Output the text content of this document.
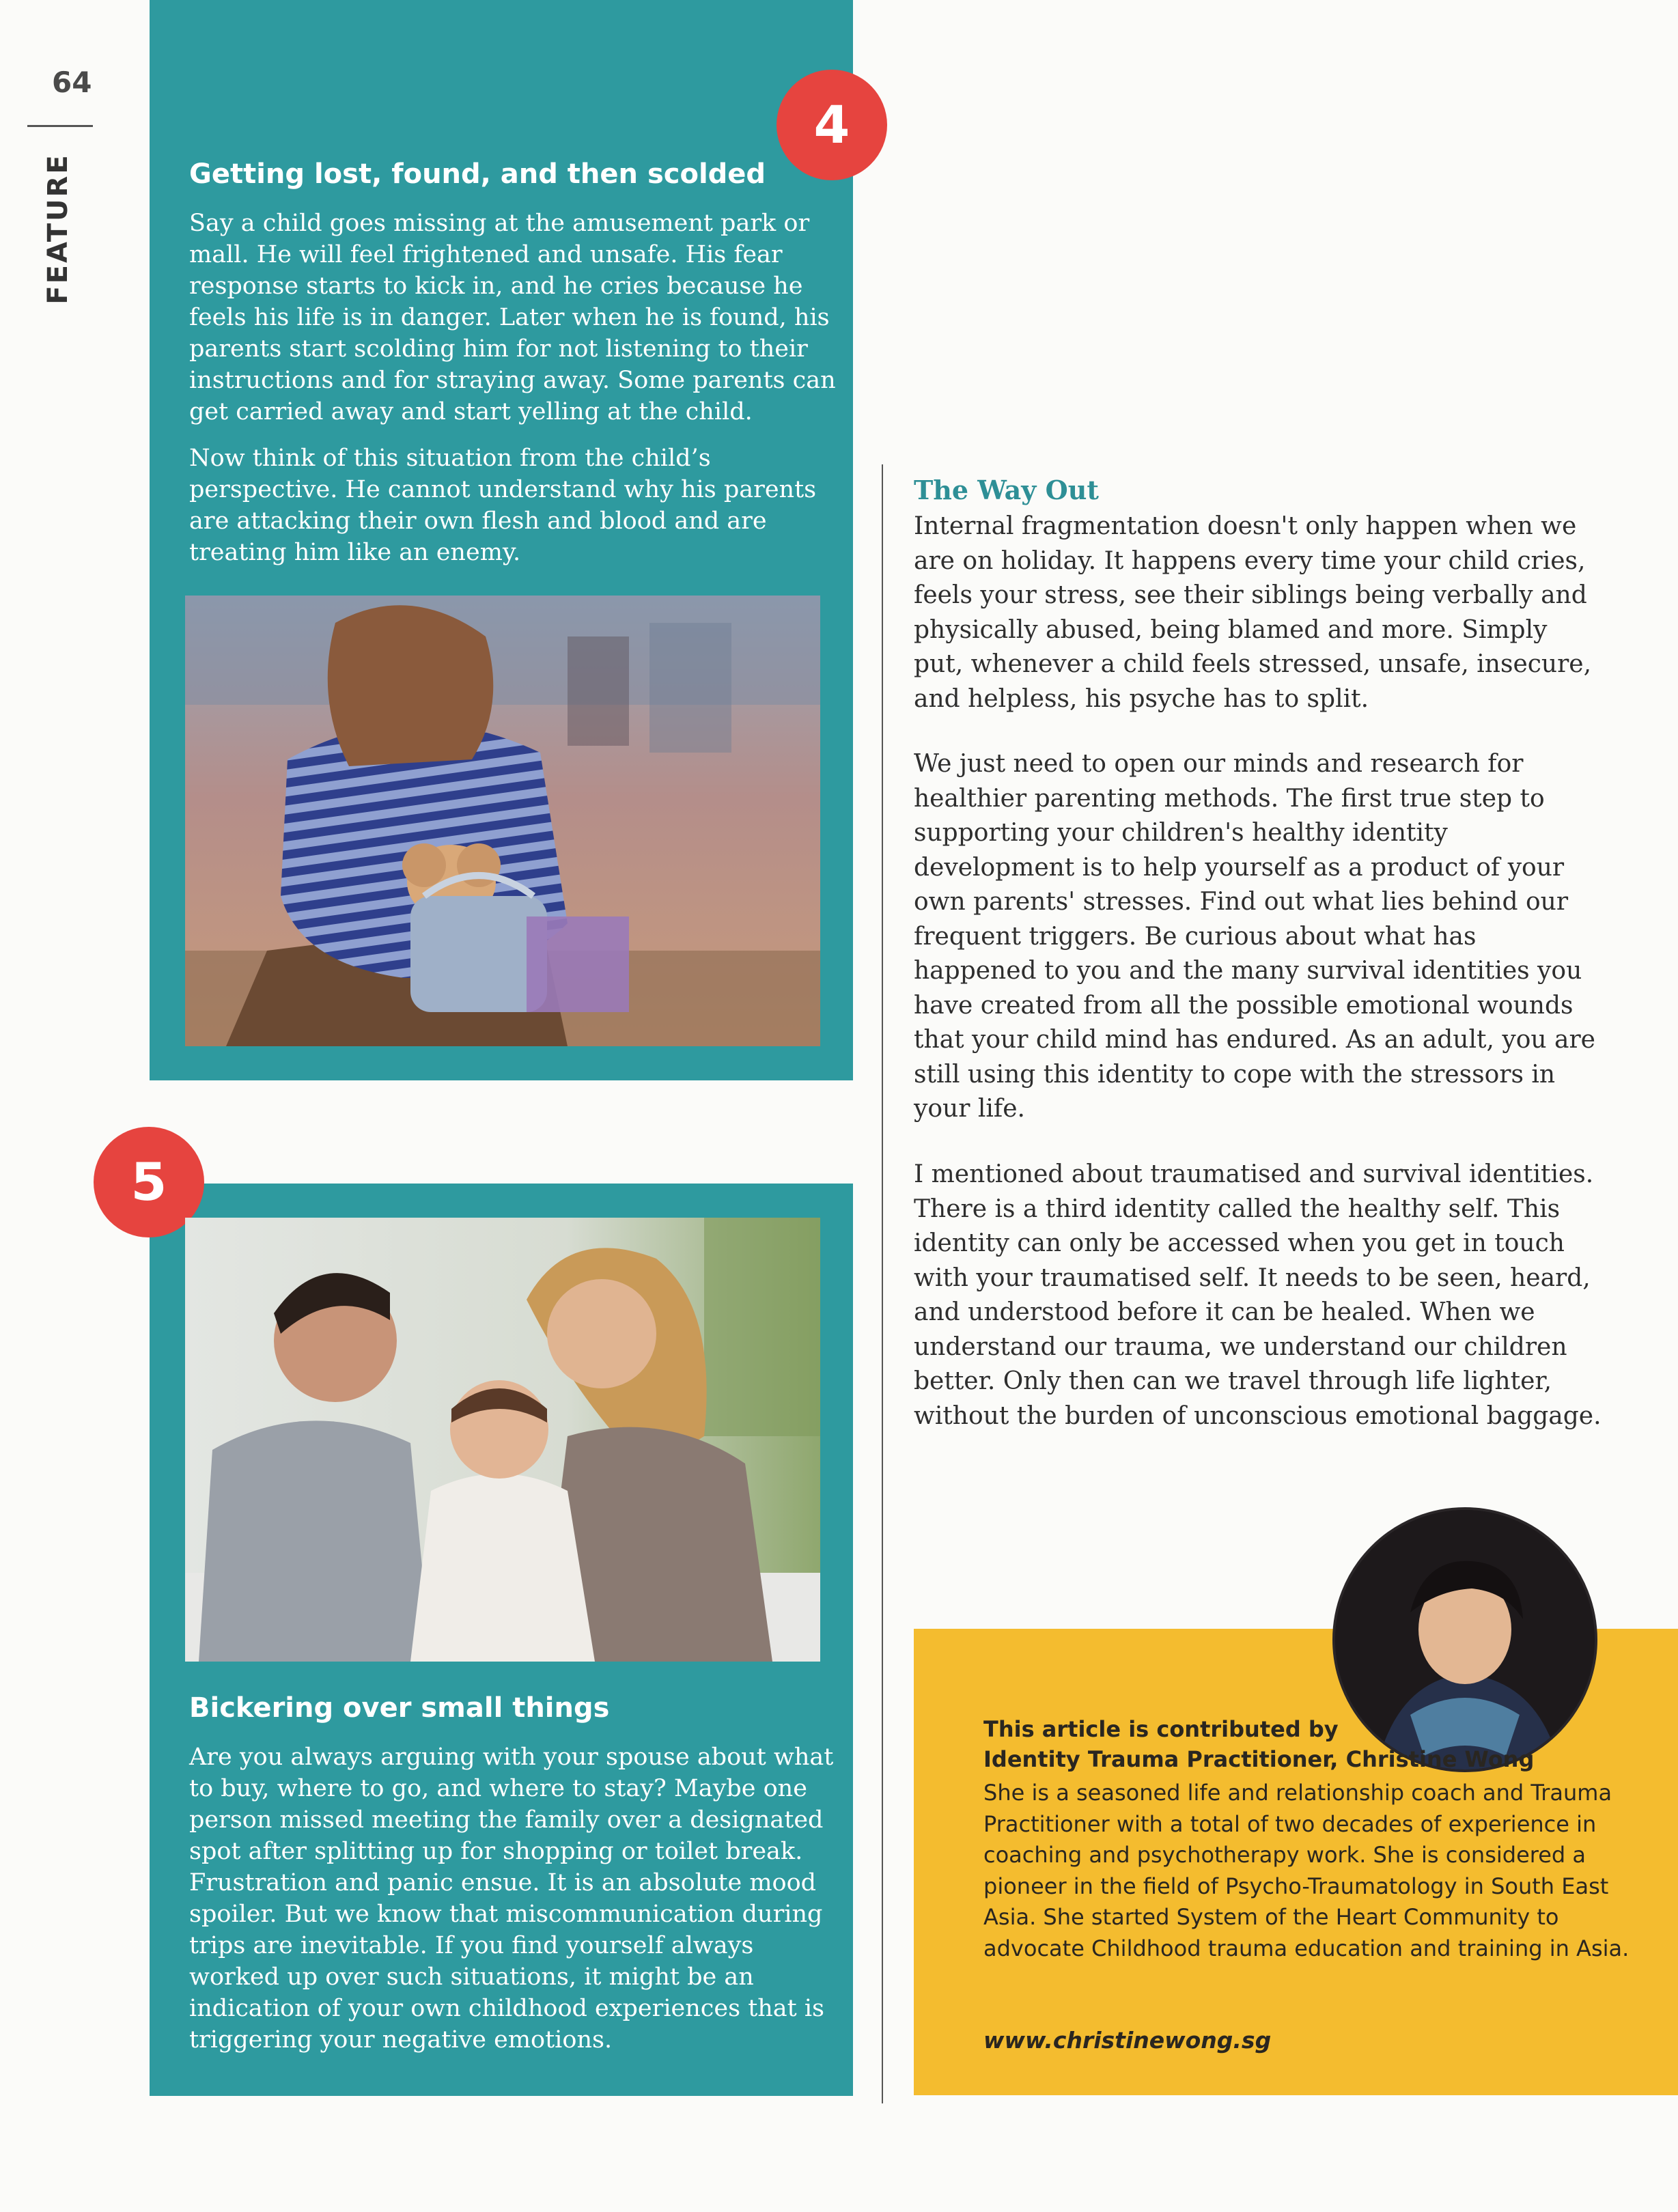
64
FEATURE
4
Getting lost, found, and then scolded

Say a child goes missing at the amusement park or mall. He will feel frightened and unsafe. His fear response starts to kick in, and he cries because he feels his life is in danger. Later when he is found, his parents start scolding him for not listening to their instructions and for straying away. Some parents can get carried away and start yelling at the child.

Now think of this situation from the child’s perspective. He cannot understand why his parents are attacking their own flesh and blood and are treating him like an enemy.

5
Bickering over small things

Are you always arguing with your spouse about what to buy, where to go, and where to stay? Maybe one person missed meeting the family over a designated spot after splitting up for shopping or toilet break. Frustration and panic ensue. It is an absolute mood spoiler. But we know that miscommunication during trips are inevitable. If you find yourself always worked up over such situations, it might be an indication of your own childhood experiences that is triggering your negative emotions.

The Way Out

Internal fragmentation doesn't only happen when we are on holiday. It happens every time your child cries, feels your stress, see their siblings being verbally and physically abused, being blamed and more. Simply put, whenever a child feels stressed, unsafe, insecure, and helpless, his psyche has to split.

We just need to open our minds and research for healthier parenting methods. The first true step to supporting your children's healthy identity development is to help yourself as a product of your own parents' stresses. Find out what lies behind our frequent triggers. Be curious about what has happened to you and the many survival identities you have created from all the possible emotional wounds that your child mind has endured. As an adult, you are still using this identity to cope with the stressors in your life.

I mentioned about traumatised and survival identities. There is a third identity called the healthy self. This identity can only be accessed when you get in touch with your traumatised self. It needs to be seen, heard, and understood before it can be healed. When we understand our trauma, we understand our children better. Only then can we travel through life lighter, without the burden of unconscious emotional baggage.

This article is contributed by

Identity Trauma Practitioner, Christine Wong

She is a seasoned life and relationship coach and Trauma Practitioner with a total of two decades of experience in coaching and psychotherapy work. She is considered a pioneer in the field of Psycho-Traumatology in South East Asia. She started System of the Heart Community to advocate Childhood trauma education and training in Asia.

www.christinewong.sg
